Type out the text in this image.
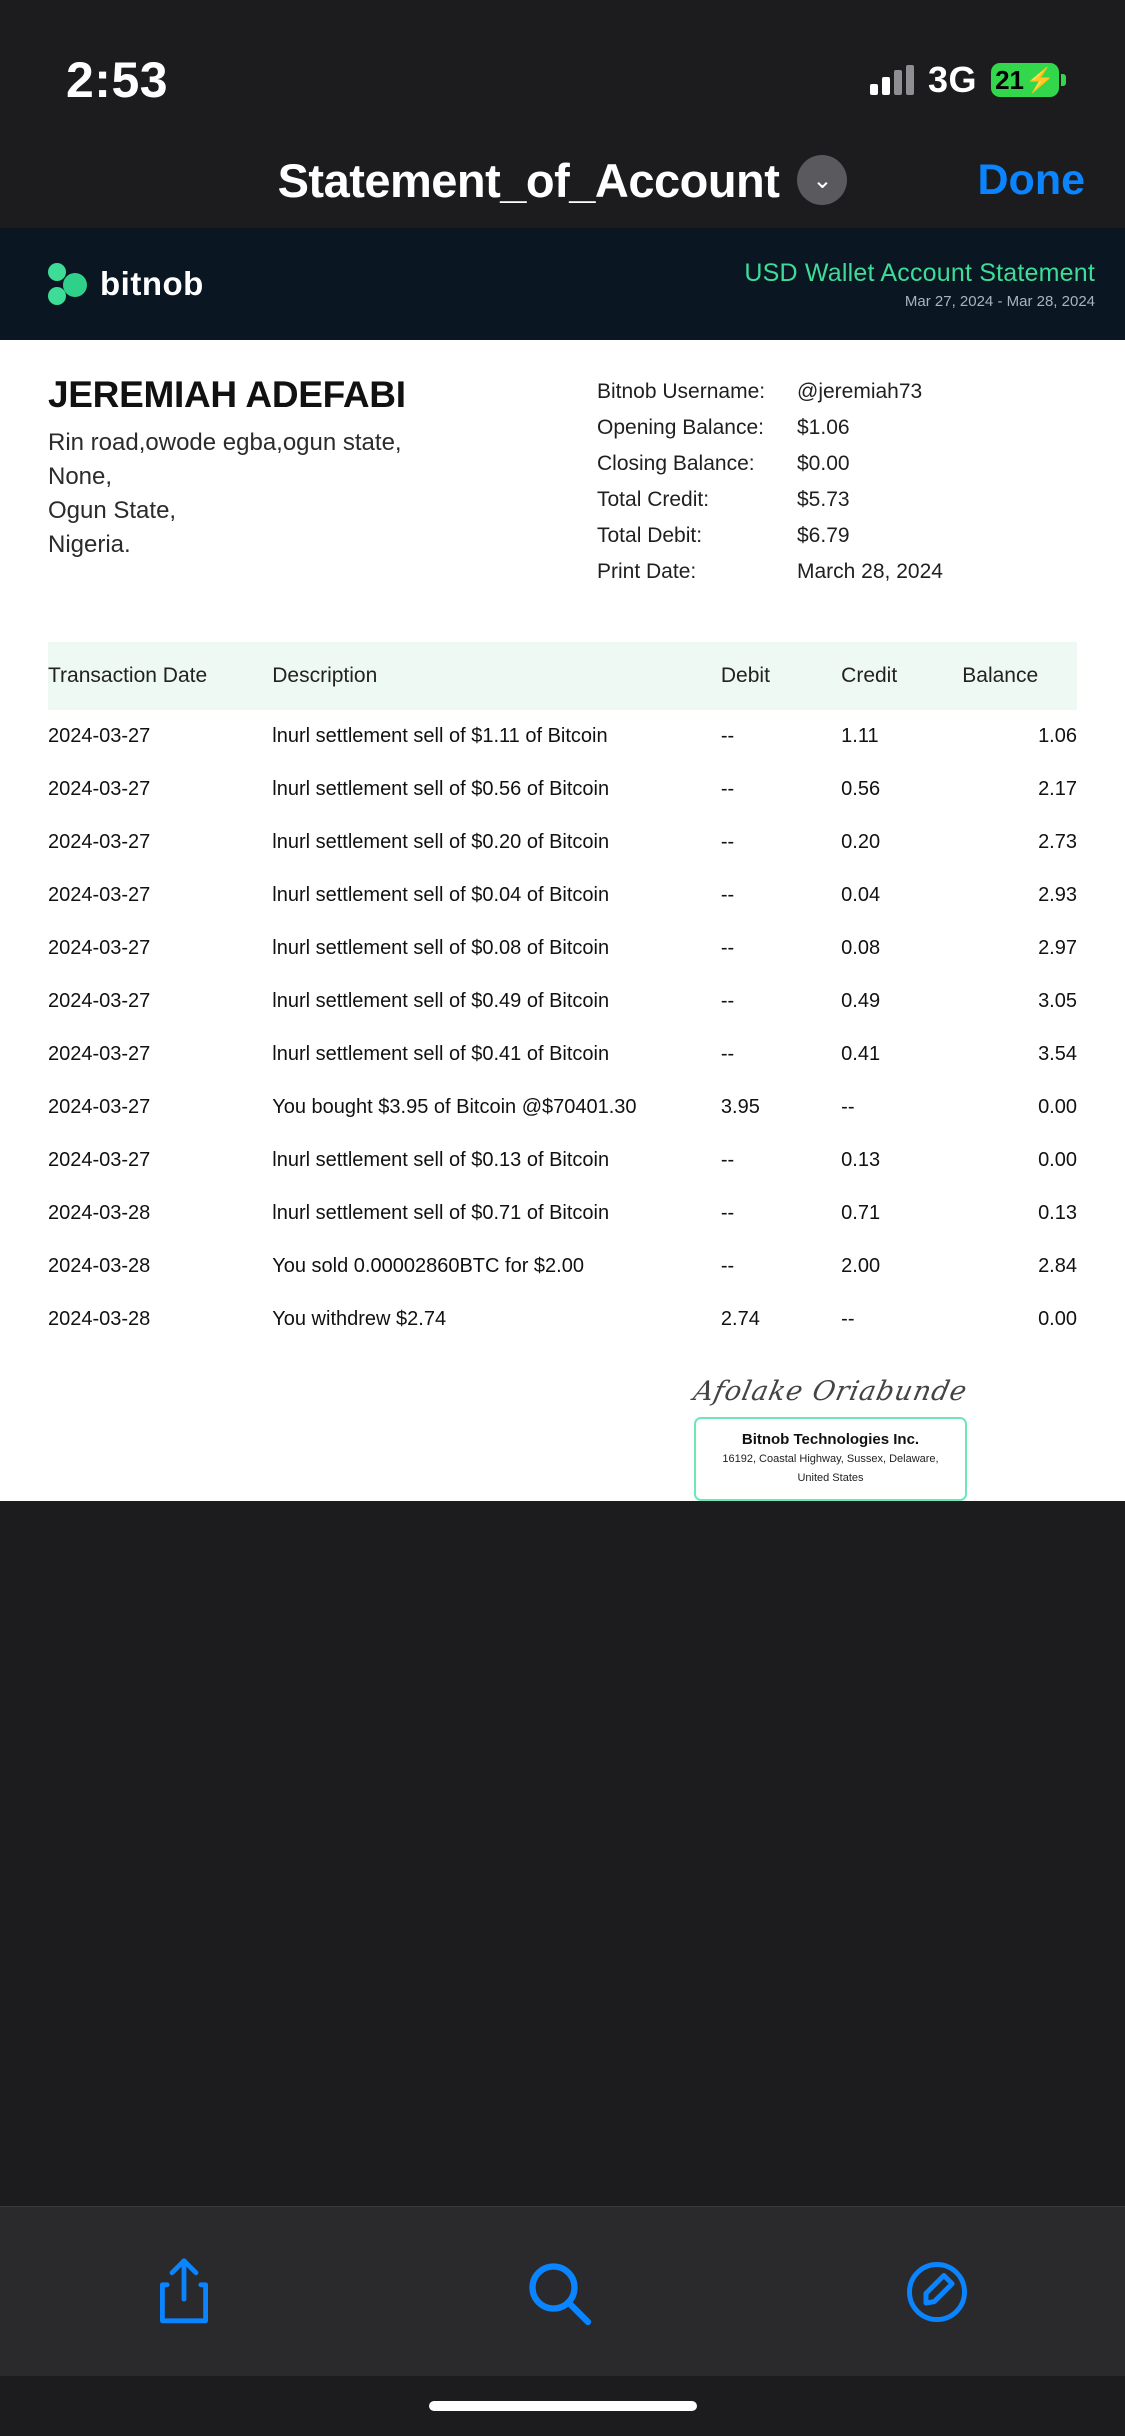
2:53	3G 21 ⚡
Statement_of_Account	⌄	Done
bitnob	USD Wallet Account Statement
Mar 27, 2024 - Mar 28, 2024
JEREMIAH ADEFABI
Rin road,owode egba,ogun state,
None,
Ogun State,
Nigeria.
Bitnob Username:	@jeremiah73
Opening Balance:	$1.06
Closing Balance:	$0.00
Total Credit:	$5.73
Total Debit:	$6.79
Print Date:	March 28, 2024
Transaction Date	Description	Debit	Credit	Balance
2024-03-27	lnurl settlement sell of $1.11 of Bitcoin	--	1.11	1.06
2024-03-27	lnurl settlement sell of $0.56 of Bitcoin	--	0.56	2.17
2024-03-27	lnurl settlement sell of $0.20 of Bitcoin	--	0.20	2.73
2024-03-27	lnurl settlement sell of $0.04 of Bitcoin	--	0.04	2.93
2024-03-27	lnurl settlement sell of $0.08 of Bitcoin	--	0.08	2.97
2024-03-27	lnurl settlement sell of $0.49 of Bitcoin	--	0.49	3.05
2024-03-27	lnurl settlement sell of $0.41 of Bitcoin	--	0.41	3.54
2024-03-27	You bought $3.95 of Bitcoin @$70401.30	3.95	--	0.00
2024-03-27	lnurl settlement sell of $0.13 of Bitcoin	--	0.13	0.00
2024-03-28	lnurl settlement sell of $0.71 of Bitcoin	--	0.71	0.13
2024-03-28	You sold 0.00002860BTC for $2.00	--	2.00	2.84
2024-03-28	You withdrew $2.74	2.74	--	0.00
Afolake Oriabunde
Bitnob Technologies Inc.
16192, Coastal Highway, Sussex, Delaware,
United States
